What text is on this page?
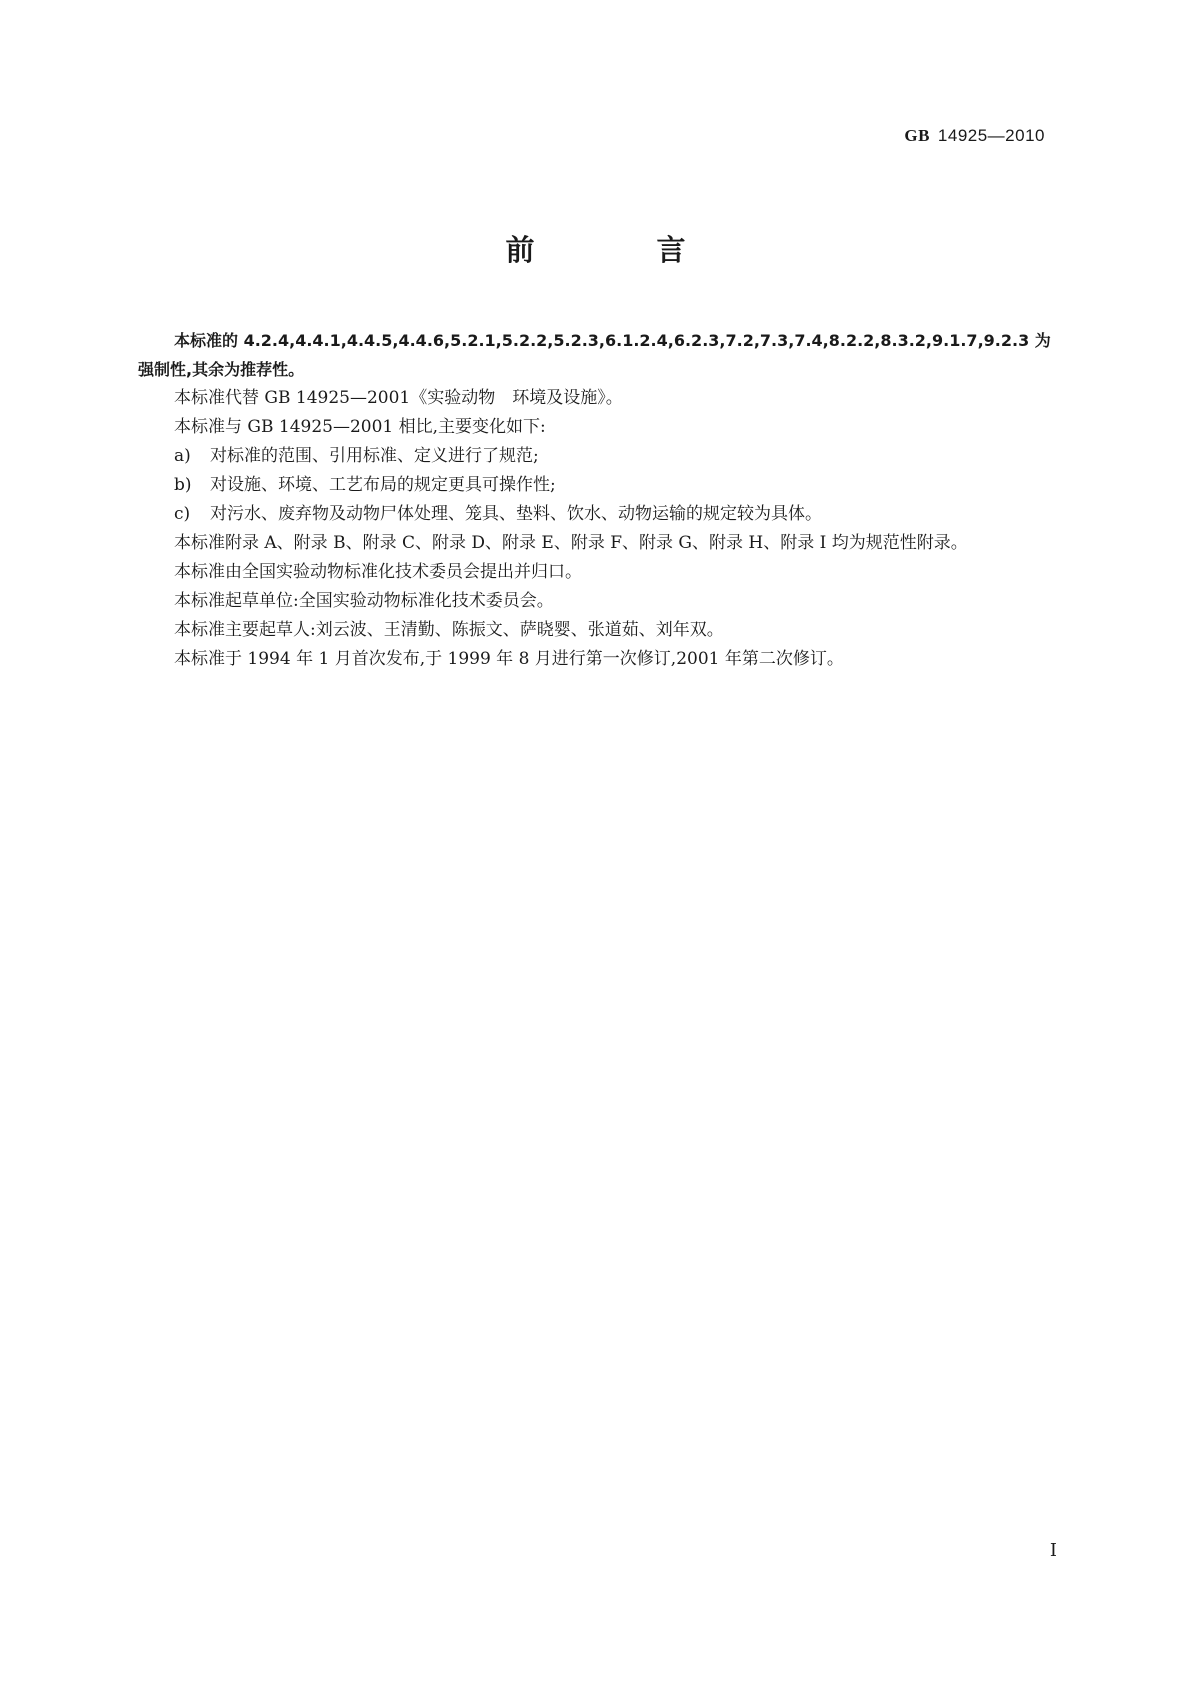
GB 14925—2010
前 言

本标准的 4.2.4,4.4.1,4.4.5,4.4.6,5.2.1,5.2.2,5.2.3,6.1.2.4,6.2.3,7.2,7.3,7.4,8.2.2,8.3.2,9.1.7,9.2.3 为强制性,其余为推荐性。

本标准代替 GB 14925—2001《实验动物　环境及设施》。

本标准与 GB 14925—2001 相比,主要变化如下:

a) 对标准的范围、引用标准、定义进行了规范;

b) 对设施、环境、工艺布局的规定更具可操作性;

c) 对污水、废弃物及动物尸体处理、笼具、垫料、饮水、动物运输的规定较为具体。

本标准附录 A、附录 B、附录 C、附录 D、附录 E、附录 F、附录 G、附录 H、附录 I 均为规范性附录。

本标准由全国实验动物标准化技术委员会提出并归口。

本标准起草单位:全国实验动物标准化技术委员会。

本标准主要起草人:刘云波、王清勤、陈振文、萨晓婴、张道茹、刘年双。

本标准于 1994 年 1 月首次发布,于 1999 年 8 月进行第一次修订,2001 年第二次修订。

I
